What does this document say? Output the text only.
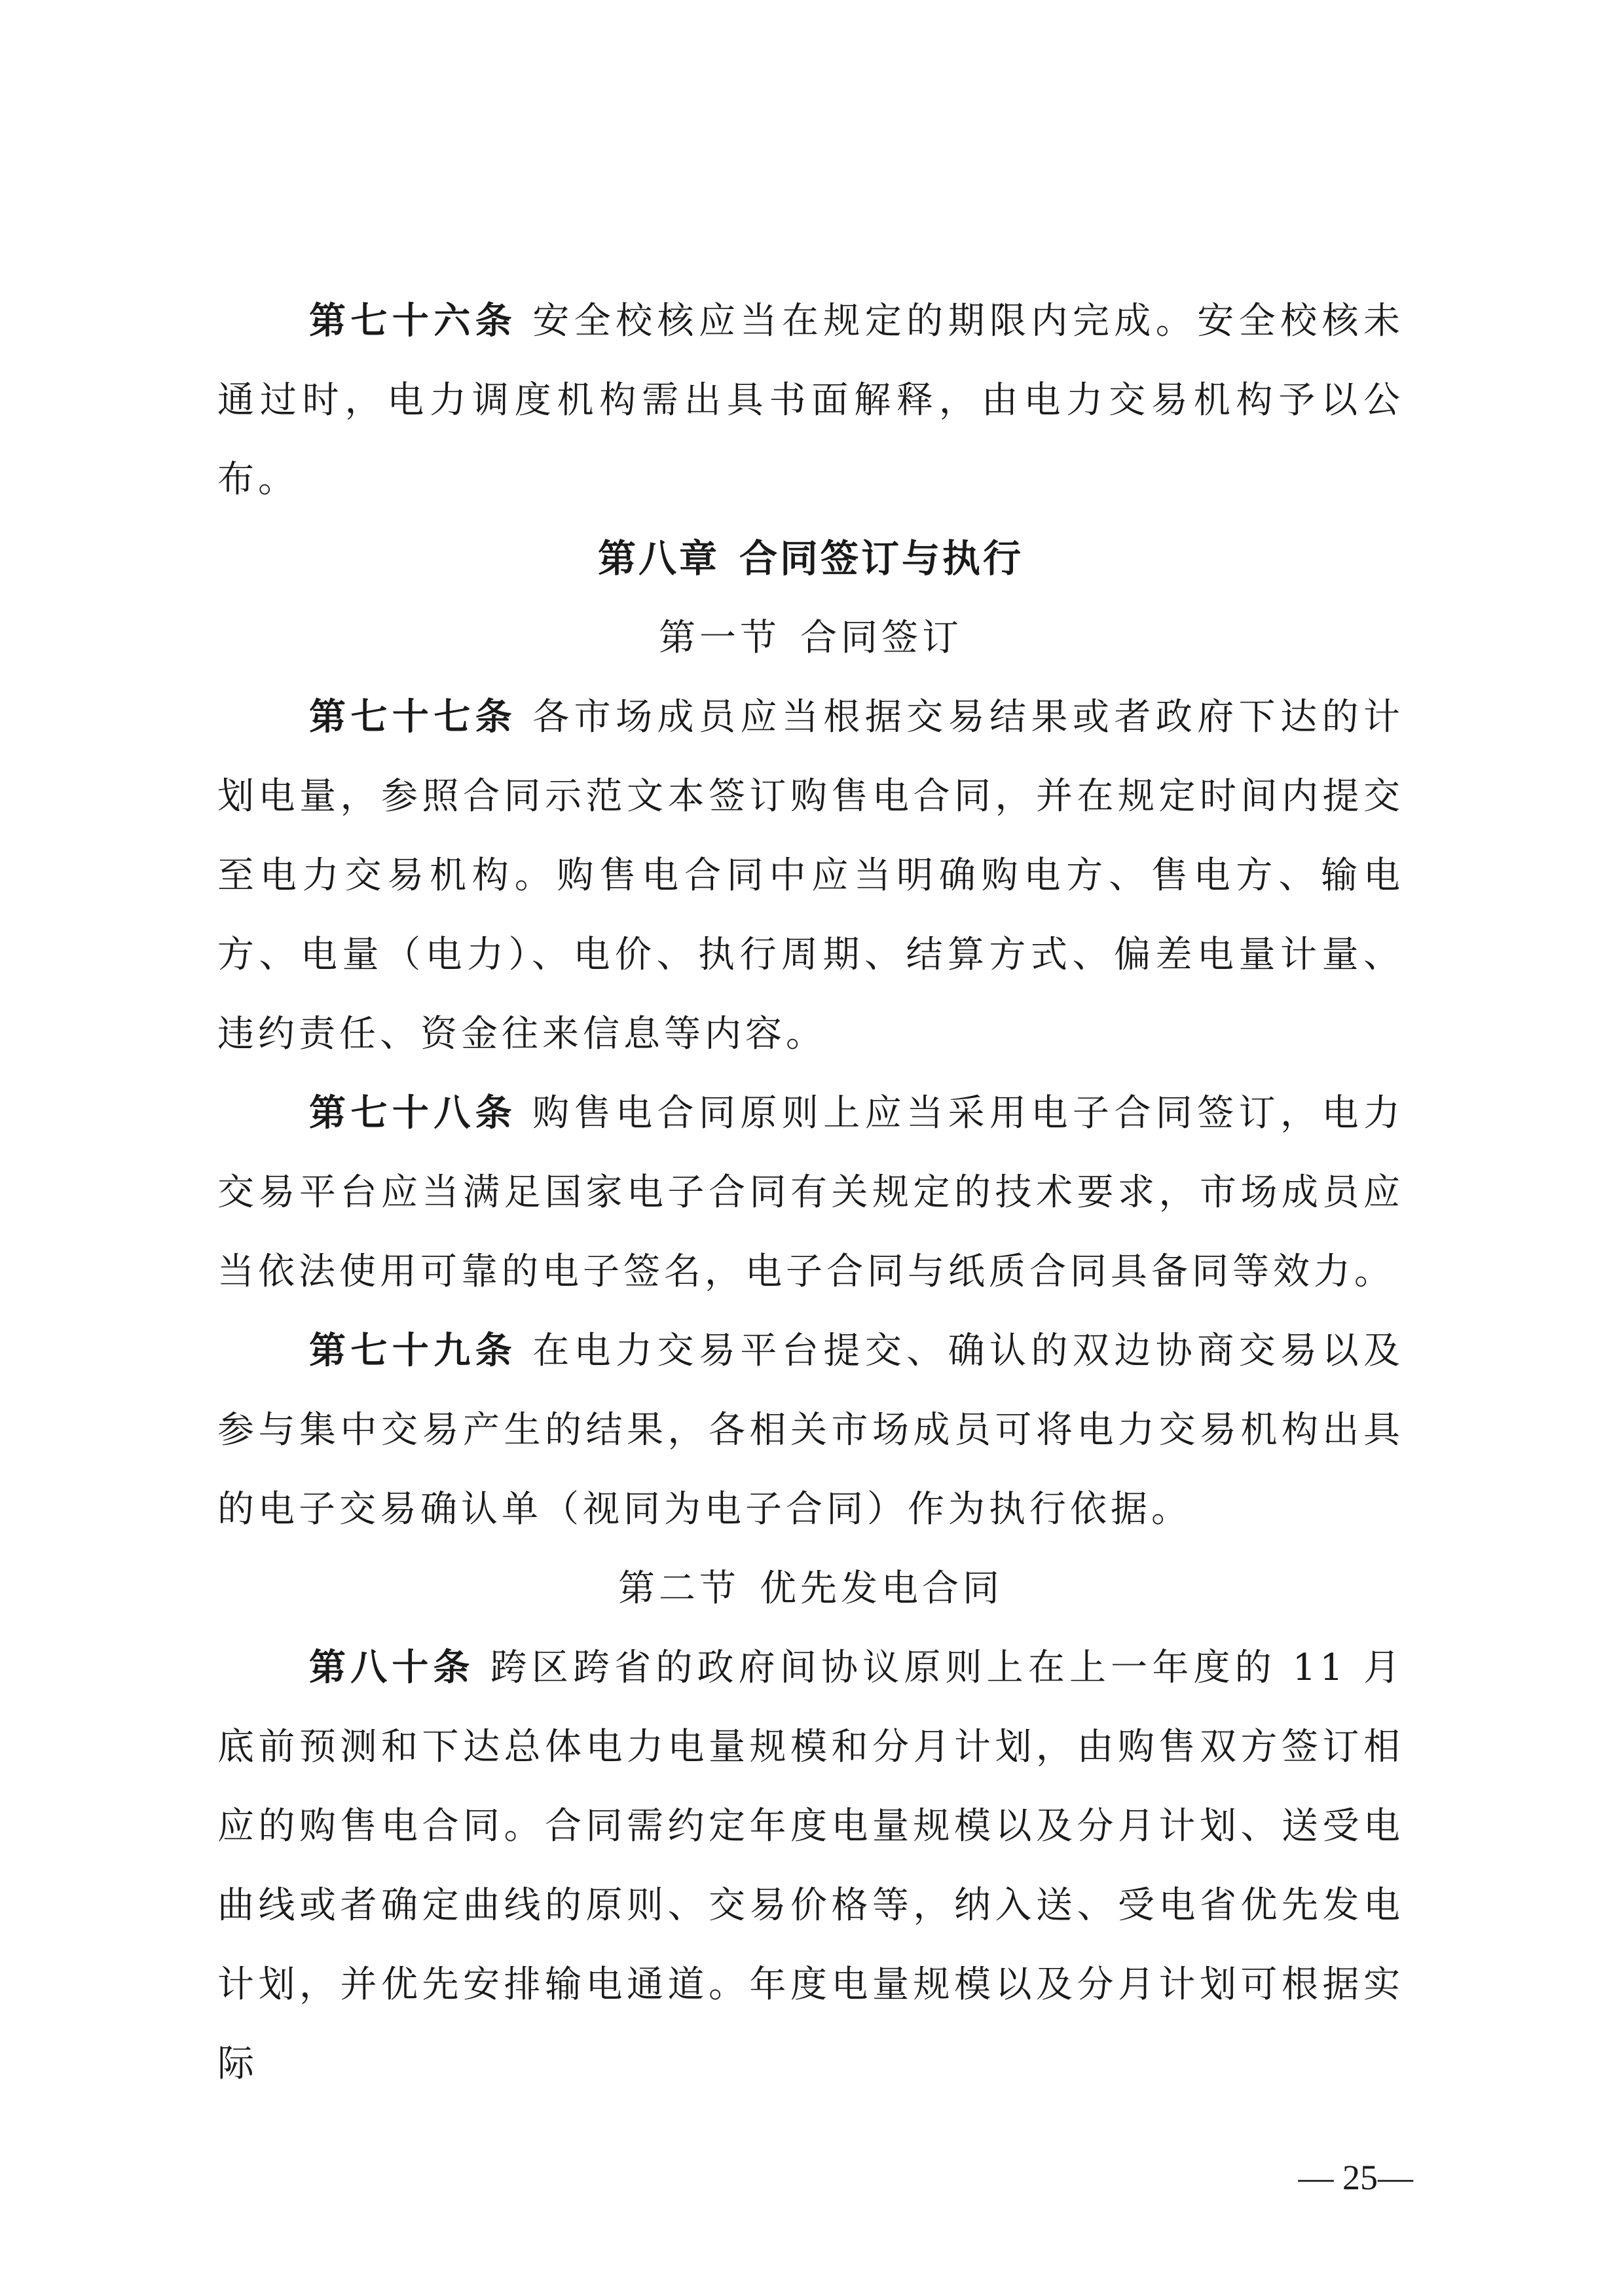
第七十六条 安全校核应当在规定的期限内完成。安全校核未通过时，电力调度机构需出具书面解释，由电力交易机构予以公布。

第八章 合同签订与执行

第一节 合同签订

第七十七条 各市场成员应当根据交易结果或者政府下达的计划电量，参照合同示范文本签订购售电合同，并在规定时间内提交至电力交易机构。购售电合同中应当明确购电方、售电方、输电方、电量（电力）、电价、执行周期、结算方式、偏差电量计量、违约责任、资金往来信息等内容。

第七十八条 购售电合同原则上应当采用电子合同签订，电力交易平台应当满足国家电子合同有关规定的技术要求，市场成员应当依法使用可靠的电子签名，电子合同与纸质合同具备同等效力。

第七十九条 在电力交易平台提交、确认的双边协商交易以及参与集中交易产生的结果，各相关市场成员可将电力交易机构出具的电子交易确认单（视同为电子合同）作为执行依据。

第二节 优先发电合同

第八十条 跨区跨省的政府间协议原则上在上一年度的 11 月底前预测和下达总体电力电量规模和分月计划，由购售双方签订相应的购售电合同。合同需约定年度电量规模以及分月计划、送受电曲线或者确定曲线的原则、交易价格等，纳入送、受电省优先发电计划，并优先安排输电通道。年度电量规模以及分月计划可根据实际

— 25—
